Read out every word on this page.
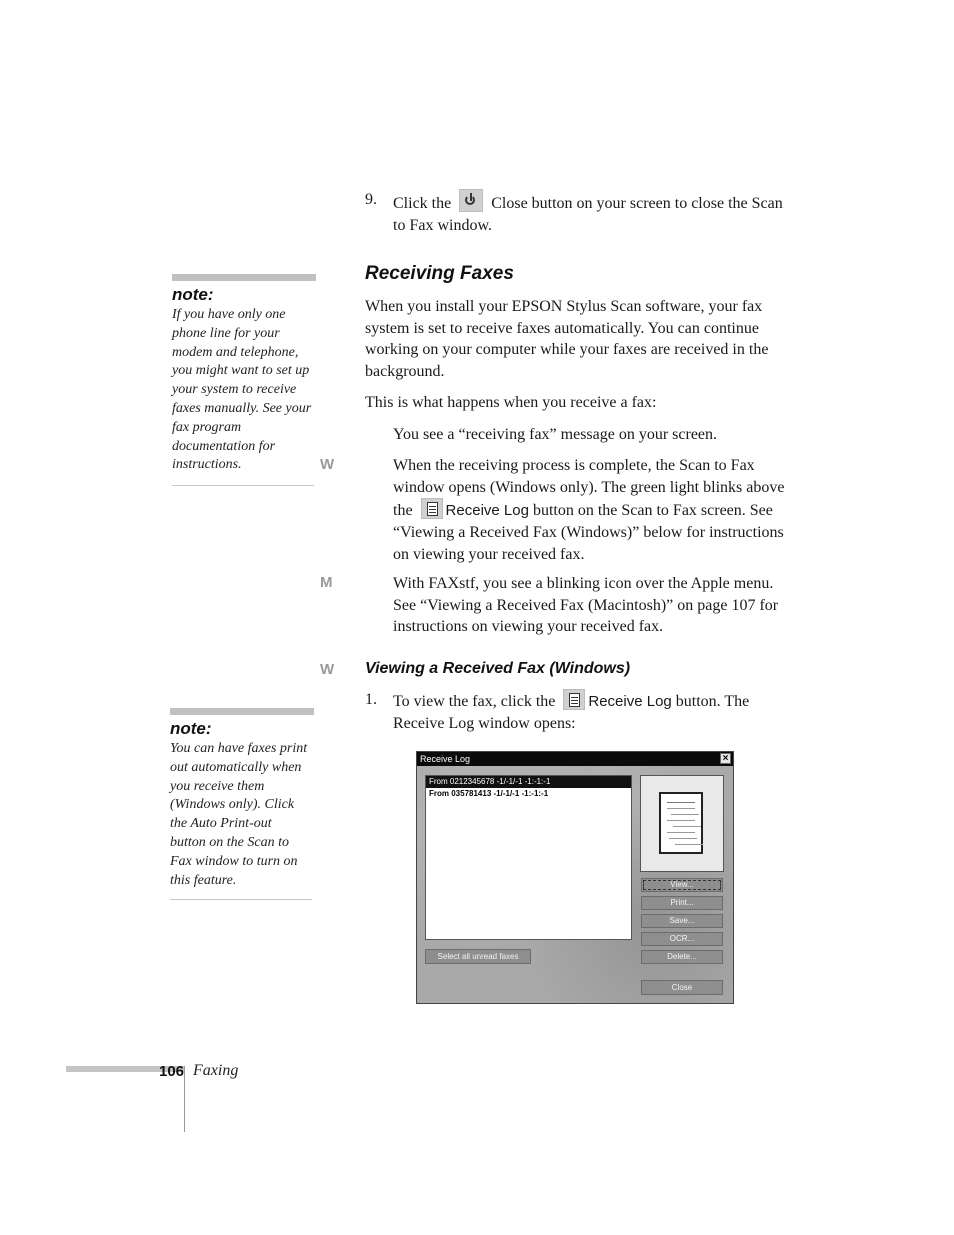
9. Click the	Close button on your screen to close the Scan to Fax window.
note:
If you have only one phone line for your modem and telephone, you might want to set up your system to receive faxes manually. See your fax program documentation for instructions.
note:
You can have faxes print out automatically when you receive them (Windows only). Click the Auto Print-out button on the Scan to Fax window to turn on this feature.
Receiving Faxes
When you install your EPSON Stylus Scan software, your fax system is set to receive faxes automatically. You can continue working on your computer while your faxes are received in the background.
This is what happens when you receive a fax:
You see a “receiving fax” message on your screen.
W	When the receiving process is complete, the Scan to Fax window opens (Windows only). The green light blinks above the Receive Log button on the Scan to Fax screen. See “Viewing a Received Fax (Windows)” below for instructions on viewing your received fax.
M	With FAXstf, you see a blinking icon over the Apple menu. See “Viewing a Received Fax (Macintosh)” on page 107 for instructions on viewing your received fax.
W Viewing a Received Fax (Windows)
1. To view the fax, click the Receive Log button. The Receive Log window opens:
Receive Log	×
From 0212345678 -1/-1/-1 -1:-1:-1
From 035781413 -1/-1/-1 -1:-1:-1
View...
Print...
Save...
OCR...
Delete...
Select all unread faxes
Close
106 Faxing
